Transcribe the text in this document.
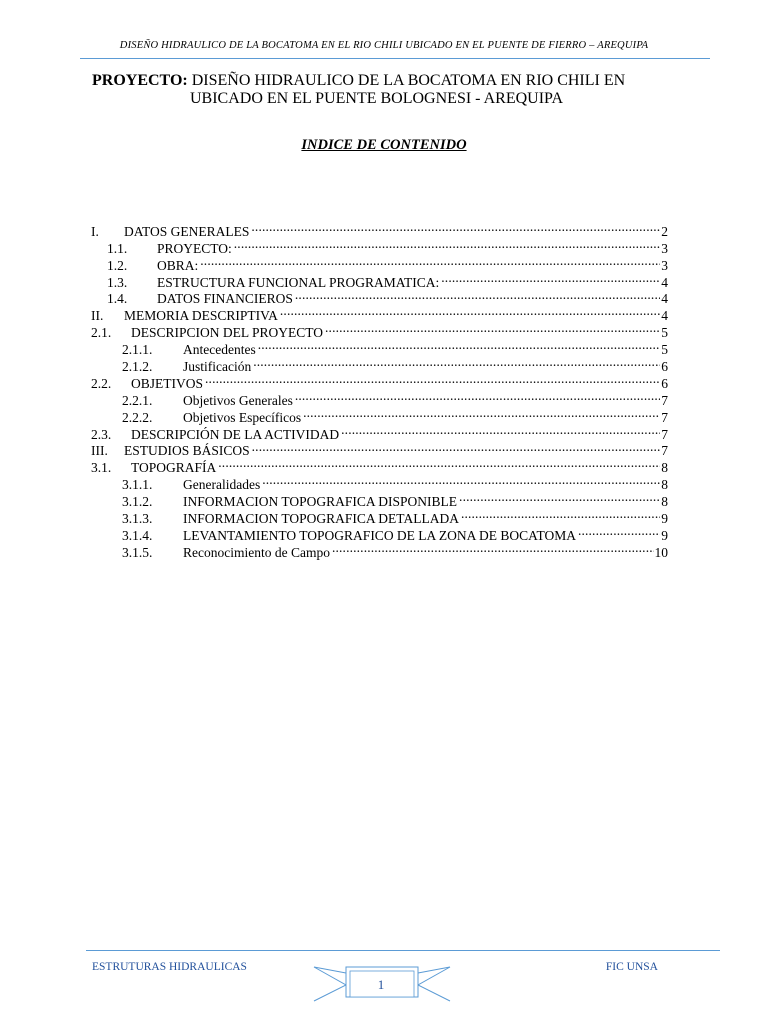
DISEÑO HIDRAULICO DE LA BOCATOMA EN EL RIO CHILI UBICADO EN EL PUENTE DE FIERRO – AREQUIPA
PROYECTO: DISEÑO HIDRAULICO DE LA BOCATOMA EN RIO CHILI EN
UBICADO EN EL PUENTE BOLOGNESI - AREQUIPA
INDICE DE CONTENIDO
I.	DATOS GENERALES .....	2
1.1.	PROYECTO: .....	3
1.2.	OBRA: .....	3
1.3.	ESTRUCTURA FUNCIONAL PROGRAMATICA: .....	4
1.4.	DATOS FINANCIEROS .....	4
II.	MEMORIA DESCRIPTIVA .....	4
2.1.	DESCRIPCION DEL PROYECTO .....	5
2.1.1.	Antecedentes .....	5
2.1.2.	Justificación .....	6
2.2.	OBJETIVOS .....	6
2.2.1.	Objetivos Generales .....	7
2.2.2.	Objetivos Específicos .....	7
2.3.	DESCRIPCIÓN DE LA ACTIVIDAD .....	7
III.	ESTUDIOS BÁSICOS .....	7
3.1.	TOPOGRAFÍA .....	8
3.1.1.	Generalidades .....	8
3.1.2.	INFORMACION TOPOGRAFICA DISPONIBLE .....	8
3.1.3.	INFORMACION TOPOGRAFICA DETALLADA .....	9
3.1.4.	LEVANTAMIENTO TOPOGRAFICO DE LA ZONA DE BOCATOMA .....	9
3.1.5.	Reconocimiento de Campo .....	10
ESTRUTURAS HIDRAULICAS	FIC UNSA
1
